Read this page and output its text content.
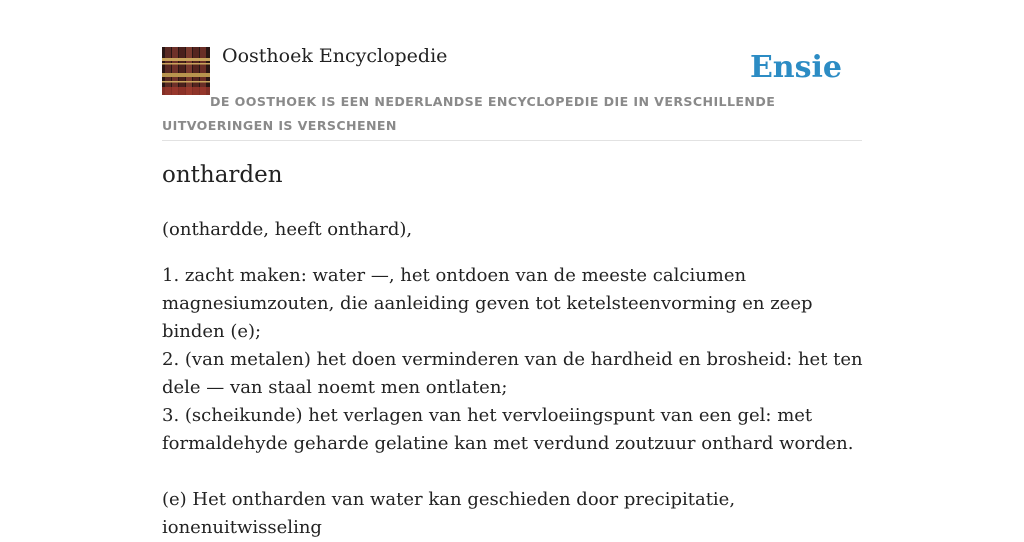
Oosthoek Encyclopedie	Ensie
DE OOSTHOEK IS EEN NEDERLANDSE ENCYCLOPEDIE DIE IN VERSCHILLENDE UITVOERINGEN IS VERSCHENEN
ontharden

(onthardde, heeft onthard),

1. zacht maken: water —, het ontdoen van de meeste calciumen magnesiumzouten, die aanleiding geven tot ketelsteenvorming en zeep binden (e);

2. (van metalen) het doen verminderen van de hardheid en brosheid: het ten dele — van staal noemt men ontlaten;

3. (scheikunde) het verlagen van het vervloeiingspunt van een gel: met formaldehyde geharde gelatine kan met verdund zoutzuur onthard worden.

(e) Het ontharden van water kan geschieden door precipitatie, ionenuitwisseling
